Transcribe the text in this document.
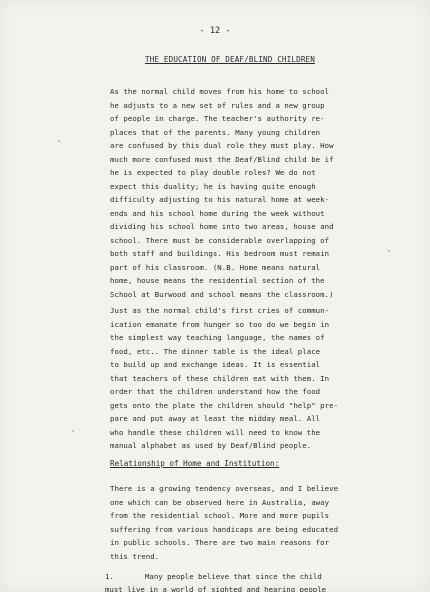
- 12 -
THE EDUCATION OF DEAF/BLIND CHILDREN
As the normal child moves from his home to school
he adjusts to a new set of rules and a new group
of people in charge. The teacher's authority re-
places that of the parents. Many young children
are confused by this dual role they must play. How
much more confused must the Deaf/Blind child be if
he is expected to play double roles? We do not
expect this duality; he is having quite enough
difficulty adjusting to his natural home at week-
ends and his school home during the week without
dividing his school home into two areas, house and
school. There must be considerable overlapping of
both staff and buildings. His bedroom must remain
part of his classroom. (N.B. Home means natural
home, house means the residential section of the
School at Burwood and school means the classroom.)
Just as the normal child's first cries of commun-
ication emanate from hunger so too do we begin in
the simplest way teaching language, the names of
food, etc.. The dinner table is the ideal place
to build up and exchange ideas. It is essential
that teachers of these children eat with them. In
order that the children understand how the food
gets onto the plate the children should "help" pre-
pare and put away at least the midday meal. All
who handle these children will need to know the
manual alphabet as used by Deaf/Blind people.
Relationship of Home and Institution:
There is a growing tendency overseas, and I believe
one which can be observed here in Australia, away
from the residential school. More and more pupils
suffering from various handicaps are being educated
in public schools. There are two main reasons for
this trend.
1.	Many people believe that since the child
must live in a world of sighted and hearing people
